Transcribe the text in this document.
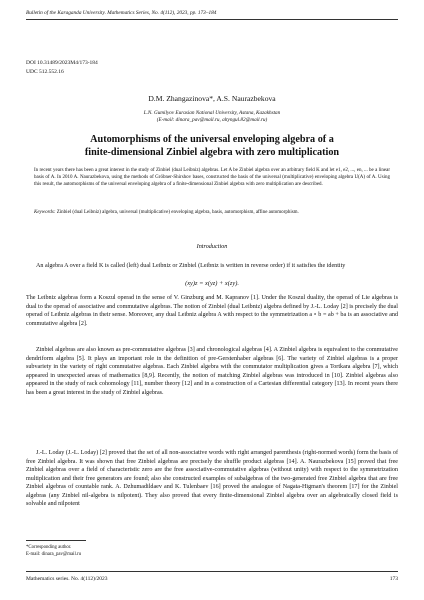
Bulletin of the Karaganda University. Mathematics Series, No. 4(112), 2023, pp. 173–184
DOI 10.31489/2023M4/173-184
UDC 512.552.16
D.M. Zhangazinova*, A.S. Naurazbekova
L.N. Gumilyov Eurasian National University, Astana, Kazakhstan
(E-mail: dinara_pav@mail.ru, altyngul.82@mail.ru)
Automorphisms of the universal enveloping algebra of a
finite-dimensional Zinbiel algebra with zero multiplication
In recent years there has been a great interest in the study of Zinbiel (dual Leibniz) algebras. Let A be Zinbiel algebra over an arbitrary field K and let e1, e2, ..., en, ... be a linear basis of A. In 2010 A. Naurazbekova, using the methods of Gröbner-Shirshov bases, constructed the basis of the universal (multiplicative) enveloping algebra U(A) of A. Using this result, the automorphisms of the universal enveloping algebra of a finite-dimensional Zinbiel algebra with zero multiplication are described.
Keywords: Zinbiel (dual Leibniz) algebra, universal (multiplicative) enveloping algebra, basis, automorphism, affine automorphism.
Introduction
An algebra A over a field K is called (left) dual Leibniz or Zinbiel (Leibniz is written in reverse order) if it satisfies the identity
(xy)z = x(yz) + x(zy).
The Leibniz algebras form a Koszul operad in the sense of V. Ginzburg and M. Kapranov [1]. Under the Koszul duality, the operad of Lie algebras is dual to the operad of associative and commutative algebras. The notion of Zinbiel (dual Leibniz) algebra defined by J.-L. Loday [2] is precisely the dual operad of Leibniz algebras in their sense. Moreover, any dual Leibniz algebra A with respect to the symmetrization a ∘ b = ab + ba is an associative and commutative algebra [2].
Zinbiel algebras are also known as pre-commutative algebras [3] and chronological algebras [4]. A Zinbiel algebra is equivalent to the commutative dendriform algebra [5]. It plays an important role in the definition of pre-Gerstenhaber algebras [6]. The variety of Zinbiel algebras is a proper subvariety in the variety of right commutative algebras. Each Zinbiel algebra with the commutator multiplication gives a Tortkara algebra [7], which appeared in unexpected areas of mathematics [8,9]. Recently, the notion of matching Zinbiel algebras was introduced in [10]. Zinbiel algebras also appeared in the study of rack cohomology [11], number theory [12] and in a construction of a Cartesian differential category [13]. In recent years there has been a great interest in the study of Zinbiel algebras.
J.-L. Loday (J.-L. Loday) [2] proved that the set of all non-associative words with right arranged parenthesis (right-normed words) form the basis of free Zinbiel algebra. It was shown that free Zinbiel algebras are precisely the shuffle product algebras [14]. A. Naurazbekova [15] proved that free Zinbiel algebras over a field of characteristic zero are the free associative-commutative algebras (without unity) with respect to the symmetrization multiplication and their free generators are found; also she constructed examples of subalgebras of the two-generated free Zinbiel algebra that are free Zinbiel algebras of countable rank. A. Dzhumadildaev and K. Tulenbaev [16] proved the analogue of Nagata-Higman's theorem [17] for the Zinbiel algebras (any Zinbiel nil-algebra is nilpotent). They also proved that every finite-dimensional Zinbiel algebra over an algebraically closed field is solvable and nilpotent
*Corresponding author.
E-mail: dinara_pav@mail.ru
Mathematics series. No. 4(112)/2023	173
